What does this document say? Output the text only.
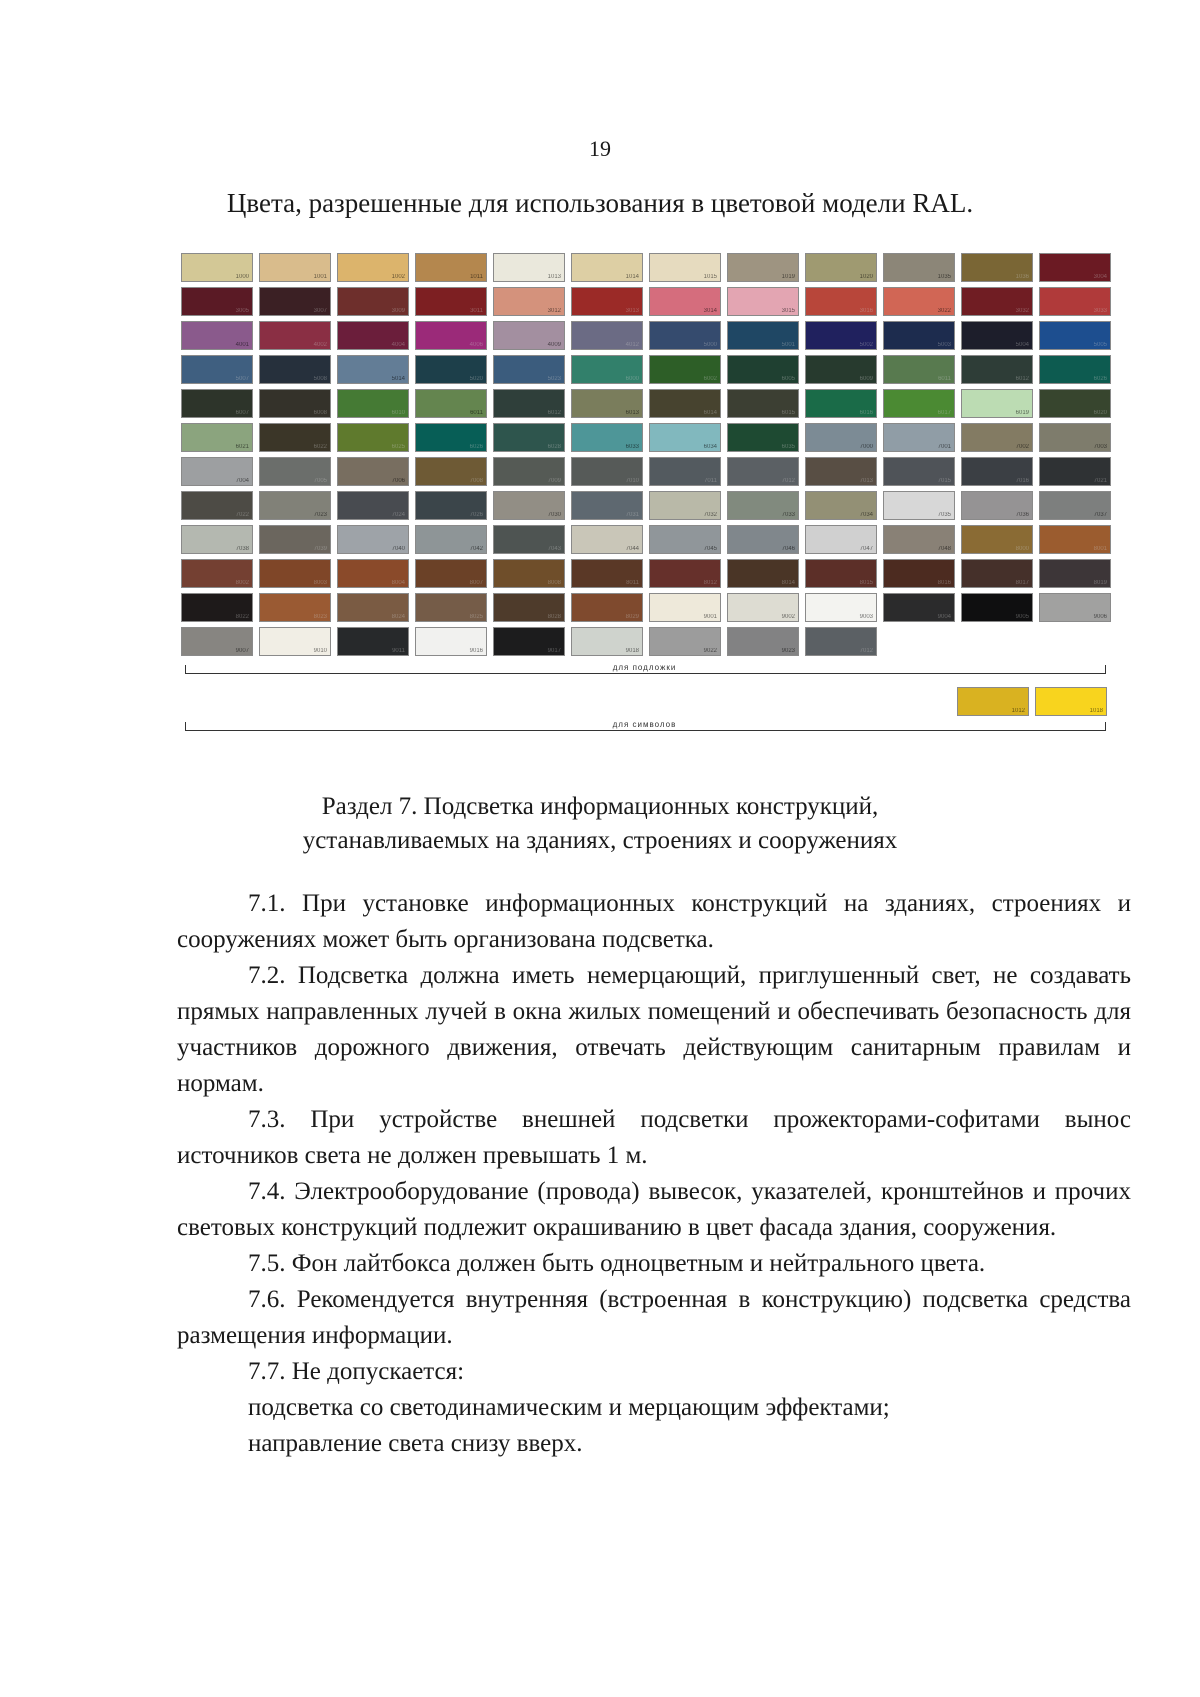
19
Цвета, разрешенные для использования в цветовой модели RAL.
1000	1001	1002	1011	1013	1014	1015	1019	1020	1035	1036	3004
3005	3007	3009	3011	3012	3013	3014	3015	3016	3022	3032	3033
4001	4002	4004	4006	4009	4012	5000	5001	5002	5003	5004	5005
5007	5008	5014	5020	5023	6000	6002	6005	6009	6011	6012	6026
6007	6008	6010	6011	6012	6013	6014	6015	6016	6017	6019	6020
6021	6022	6025	6026	6028	6033	6034	6035	7000	7001	7002	7003
7004	7005	7006	7008	7009	7010	7011	7012	7013	7015	7016	7021
7022	7023	7024	7026	7030	7031	7032	7033	7034	7035	7036	7037
7038	7039	7040	7042	7043	7044	7045	7046	7047	7048	8000	8001
8002	8003	8004	8007	8008	8011	8012	8014	8015	8016	8017	8019
8022	8023	8024	8025	8028	8029	9001	9002	9003	9004	9005	9006
9007	9010	9011	9016	9017	9018	9022	9023	7012
для подложки
1012	1018
для символов
Раздел 7. Подсветка информационных конструкций,
устанавливаемых на зданиях, строениях и сооружениях

7.1. При установке информационных конструкций на зданиях, строениях и сооружениях может быть организована подсветка.

7.2. Подсветка должна иметь немерцающий, приглушенный свет, не создавать прямых направленных лучей в окна жилых помещений и обеспечивать безопасность для участников дорожного движения, отвечать действующим санитарным правилам и нормам.

7.3. При устройстве внешней подсветки прожекторами-софитами вынос источников света не должен превышать 1 м.

7.4. Электрооборудование (провода) вывесок, указателей, кронштейнов и прочих световых конструкций подлежит окрашиванию в цвет фасада здания, сооружения.

7.5. Фон лайтбокса должен быть одноцветным и нейтрального цвета.

7.6. Рекомендуется внутренняя (встроенная в конструкцию) подсветка средства размещения информации.

7.7. Не допускается:

подсветка со светодинамическим и мерцающим эффектами;

направление света снизу вверх.
